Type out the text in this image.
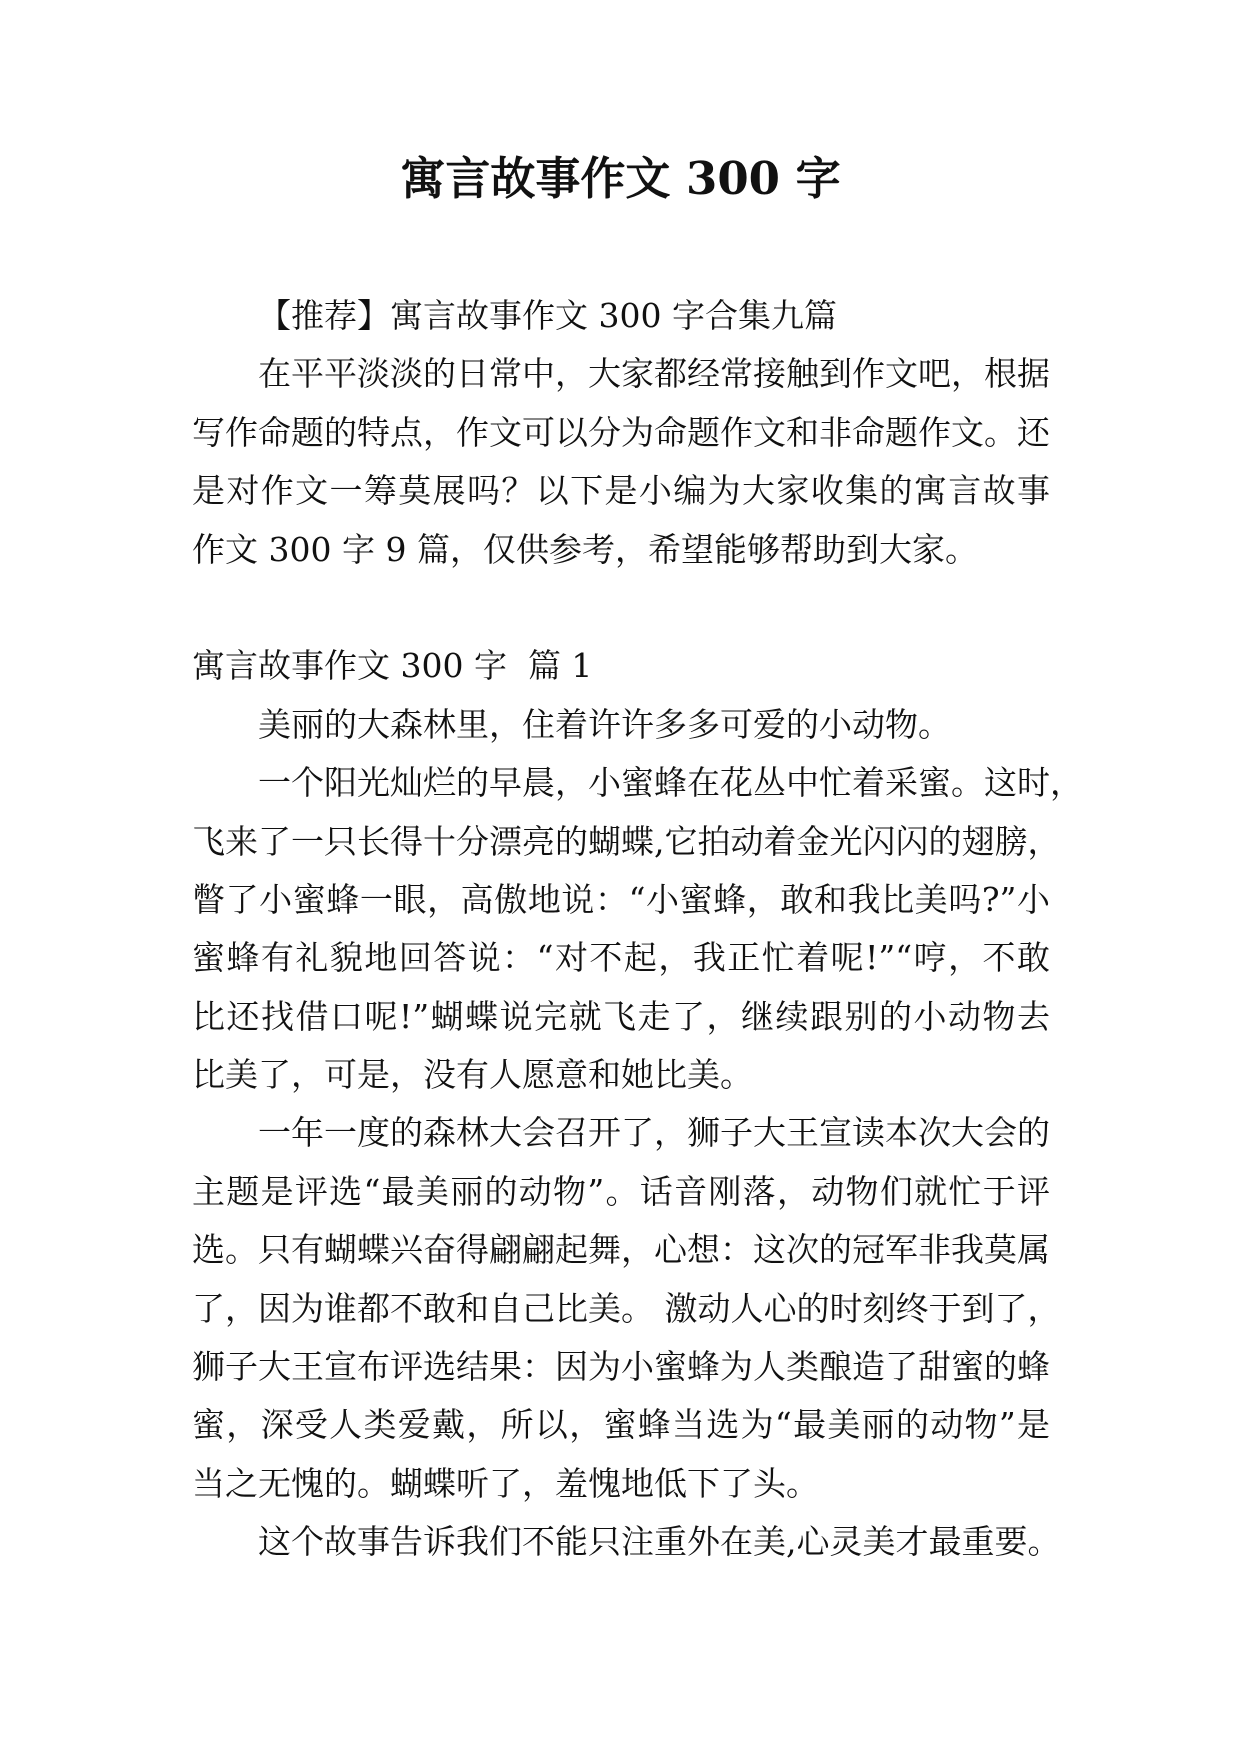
寓言故事作文 300 字
【推荐】寓言故事作文 300 字合集九篇
在平平淡淡的日常中，大家都经常接触到作文吧，根据
写作命题的特点，作文可以分为命题作文和非命题作文。还
是对作文一筹莫展吗？以下是小编为大家收集的寓言故事
作文 300 字 9 篇，仅供参考，希望能够帮助到大家。
寓言故事作文 300 字  篇 1
美丽的大森林里，住着许许多多可爱的小动物。
一个阳光灿烂的早晨，小蜜蜂在花丛中忙着采蜜。这时，
飞来了一只长得十分漂亮的蝴蝶,它拍动着金光闪闪的翅膀，
瞥了小蜜蜂一眼，高傲地说：“小蜜蜂，敢和我比美吗?”小
蜜蜂有礼貌地回答说：“对不起，我正忙着呢!”“哼，不敢
比还找借口呢!”蝴蝶说完就飞走了，继续跟别的小动物去
比美了，可是，没有人愿意和她比美。
一年一度的森林大会召开了，狮子大王宣读本次大会的
主题是评选“最美丽的动物”。话音刚落，动物们就忙于评
选。只有蝴蝶兴奋得翩翩起舞，心想：这次的冠军非我莫属
了，因为谁都不敢和自己比美。 激动人心的时刻终于到了，
狮子大王宣布评选结果：因为小蜜蜂为人类酿造了甜蜜的蜂
蜜，深受人类爱戴，所以，蜜蜂当选为“最美丽的动物”是
当之无愧的。蝴蝶听了，羞愧地低下了头。
这个故事告诉我们不能只注重外在美,心灵美才最重要。
